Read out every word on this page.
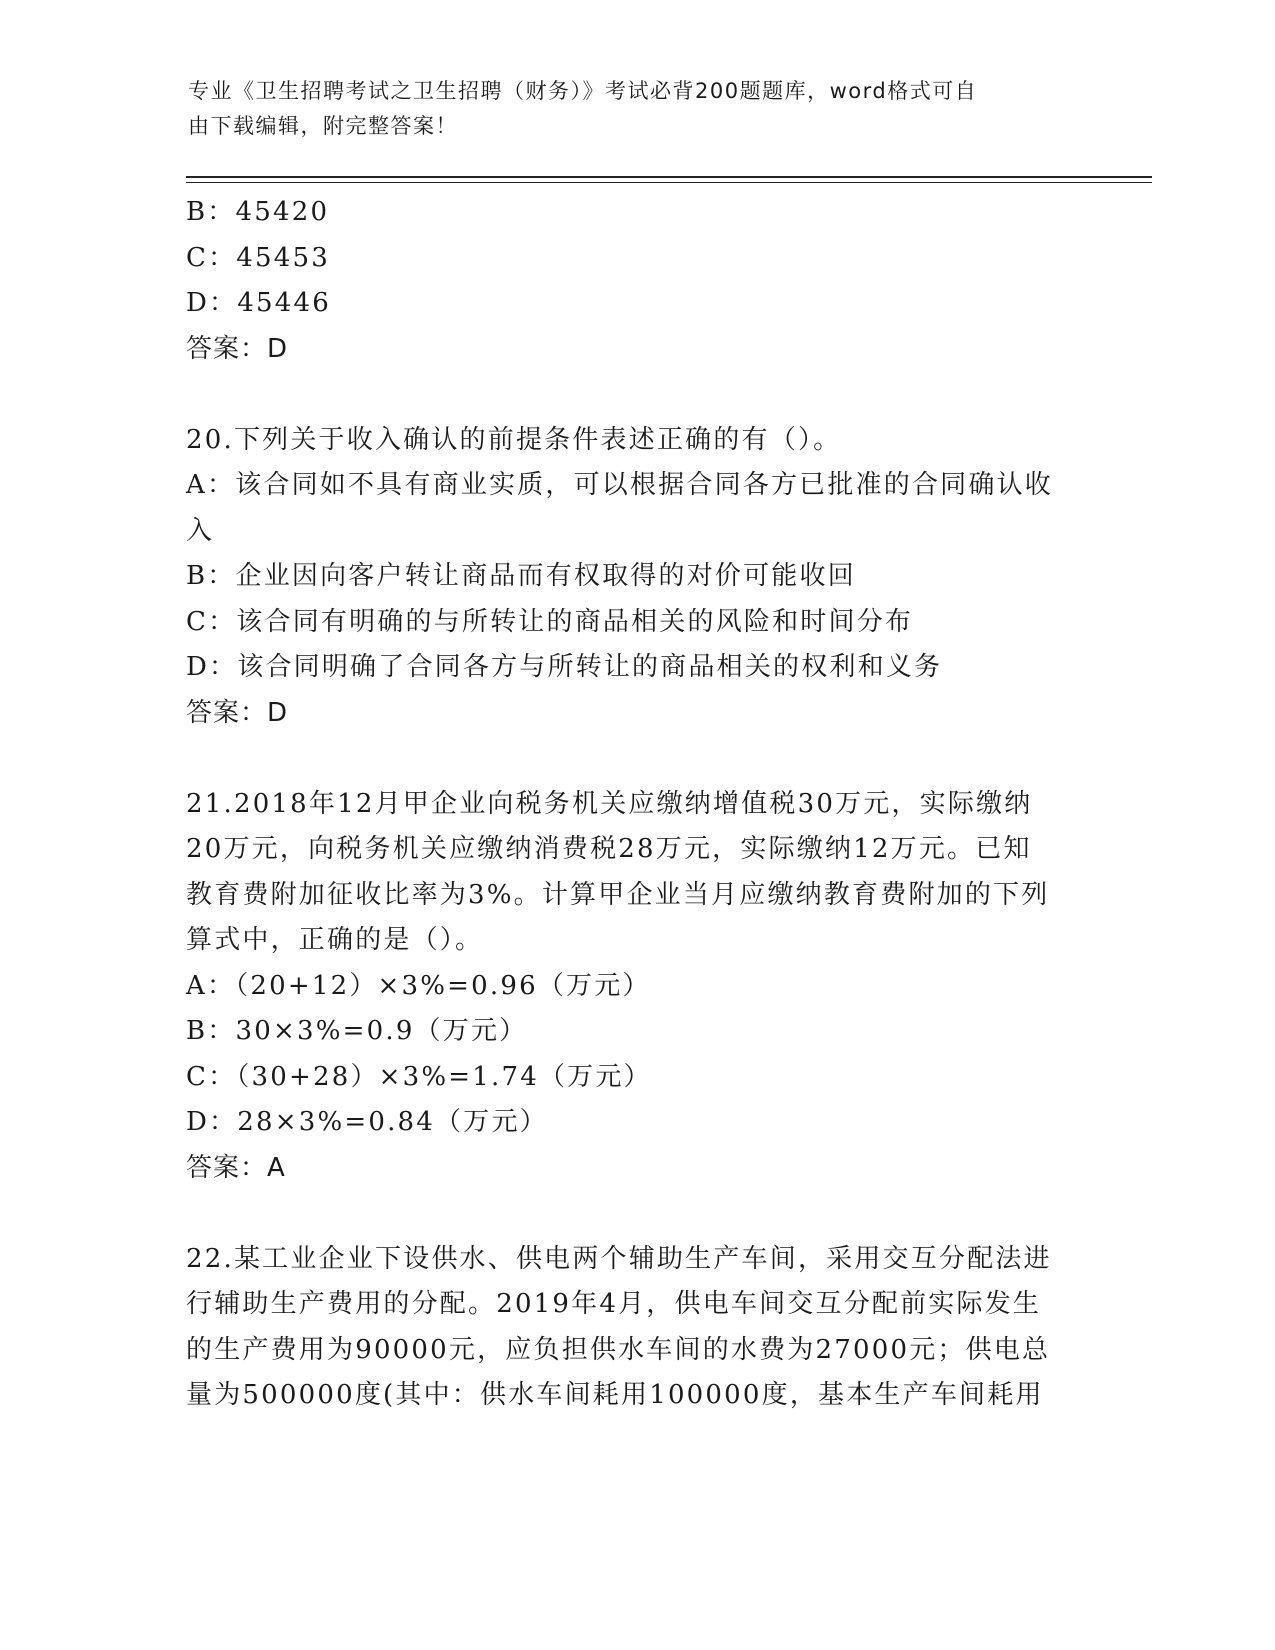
专业《卫生招聘考试之卫生招聘（财务）》考试必背200题题库，word格式可自
由下载编辑，附完整答案！
B：45420
C：45453
D：45446
答案：D
20.下列关于收入确认的前提条件表述正确的有（）。
A：该合同如不具有商业实质，可以根据合同各方已批准的合同确认收
入
B：企业因向客户转让商品而有权取得的对价可能收回
C：该合同有明确的与所转让的商品相关的风险和时间分布
D：该合同明确了合同各方与所转让的商品相关的权利和义务
答案：D
21.2018年12月甲企业向税务机关应缴纳增值税30万元，实际缴纳
20万元，向税务机关应缴纳消费税28万元，实际缴纳12万元。已知
教育费附加征收比率为3%。计算甲企业当月应缴纳教育费附加的下列
算式中，正确的是（）。
A：（20+12）×3%=0.96（万元）
B：30×3%=0.9（万元）
C：（30+28）×3%=1.74（万元）
D：28×3%=0.84（万元）
答案：A
22.某工业企业下设供水、供电两个辅助生产车间，采用交互分配法进
行辅助生产费用的分配。2019年4月，供电车间交互分配前实际发生
的生产费用为90000元，应负担供水车间的水费为27000元；供电总
量为500000度(其中：供水车间耗用100000度，基本生产车间耗用
